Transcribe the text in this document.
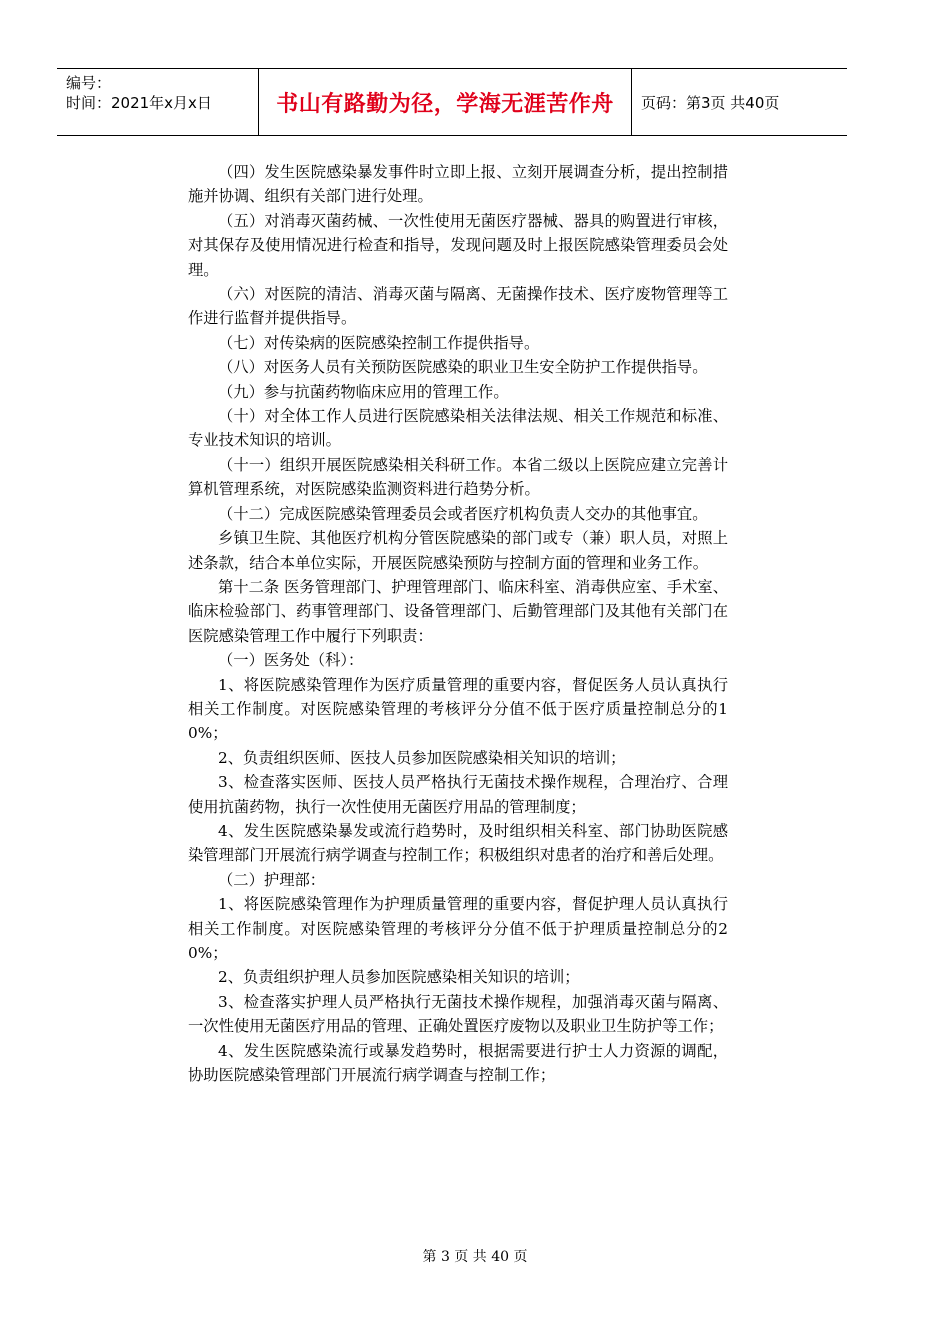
编号：
时间：2021年x月x日	书山有路勤为径，学海无涯苦作舟 页码：第3页 共40页

（四）发生医院感染暴发事件时立即上报、立刻开展调查分析，提出控制措施并协调、组织有关部门进行处理。

（五）对消毒灭菌药械、一次性使用无菌医疗器械、器具的购置进行审核，对其保存及使用情况进行检查和指导，发现问题及时上报医院感染管理委员会处理。

（六）对医院的清洁、消毒灭菌与隔离、无菌操作技术、医疗废物管理等工作进行监督并提供指导。

（七）对传染病的医院感染控制工作提供指导。

（八）对医务人员有关预防医院感染的职业卫生安全防护工作提供指导。

（九）参与抗菌药物临床应用的管理工作。

（十）对全体工作人员进行医院感染相关法律法规、相关工作规范和标准、专业技术知识的培训。

（十一）组织开展医院感染相关科研工作。本省二级以上医院应建立完善计算机管理系统，对医院感染监测资料进行趋势分析。

（十二）完成医院感染管理委员会或者医疗机构负责人交办的其他事宜。

乡镇卫生院、其他医疗机构分管医院感染的部门或专（兼）职人员，对照上述条款，结合本单位实际，开展医院感染预防与控制方面的管理和业务工作。

第十二条 医务管理部门、护理管理部门、临床科室、消毒供应室、手术室、临床检验部门、药事管理部门、设备管理部门、后勤管理部门及其他有关部门在医院感染管理工作中履行下列职责：

（一）医务处（科）：

1、将医院感染管理作为医疗质量管理的重要内容，督促医务人员认真执行相关工作制度。对医院感染管理的考核评分分值不低于医疗质量控制总分的10%；

2、负责组织医师、医技人员参加医院感染相关知识的培训；

3、检查落实医师、医技人员严格执行无菌技术操作规程，合理治疗、合理使用抗菌药物，执行一次性使用无菌医疗用品的管理制度；

4、发生医院感染暴发或流行趋势时，及时组织相关科室、部门协助医院感染管理部门开展流行病学调查与控制工作；积极组织对患者的治疗和善后处理。

（二）护理部：

1、将医院感染管理作为护理质量管理的重要内容，督促护理人员认真执行相关工作制度。对医院感染管理的考核评分分值不低于护理质量控制总分的20%；

2、负责组织护理人员参加医院感染相关知识的培训；

3、检查落实护理人员严格执行无菌技术操作规程，加强消毒灭菌与隔离、一次性使用无菌医疗用品的管理、正确处置医疗废物以及职业卫生防护等工作；

4、发生医院感染流行或暴发趋势时，根据需要进行护士人力资源的调配，协助医院感染管理部门开展流行病学调查与控制工作；

第 3 页 共 40 页
